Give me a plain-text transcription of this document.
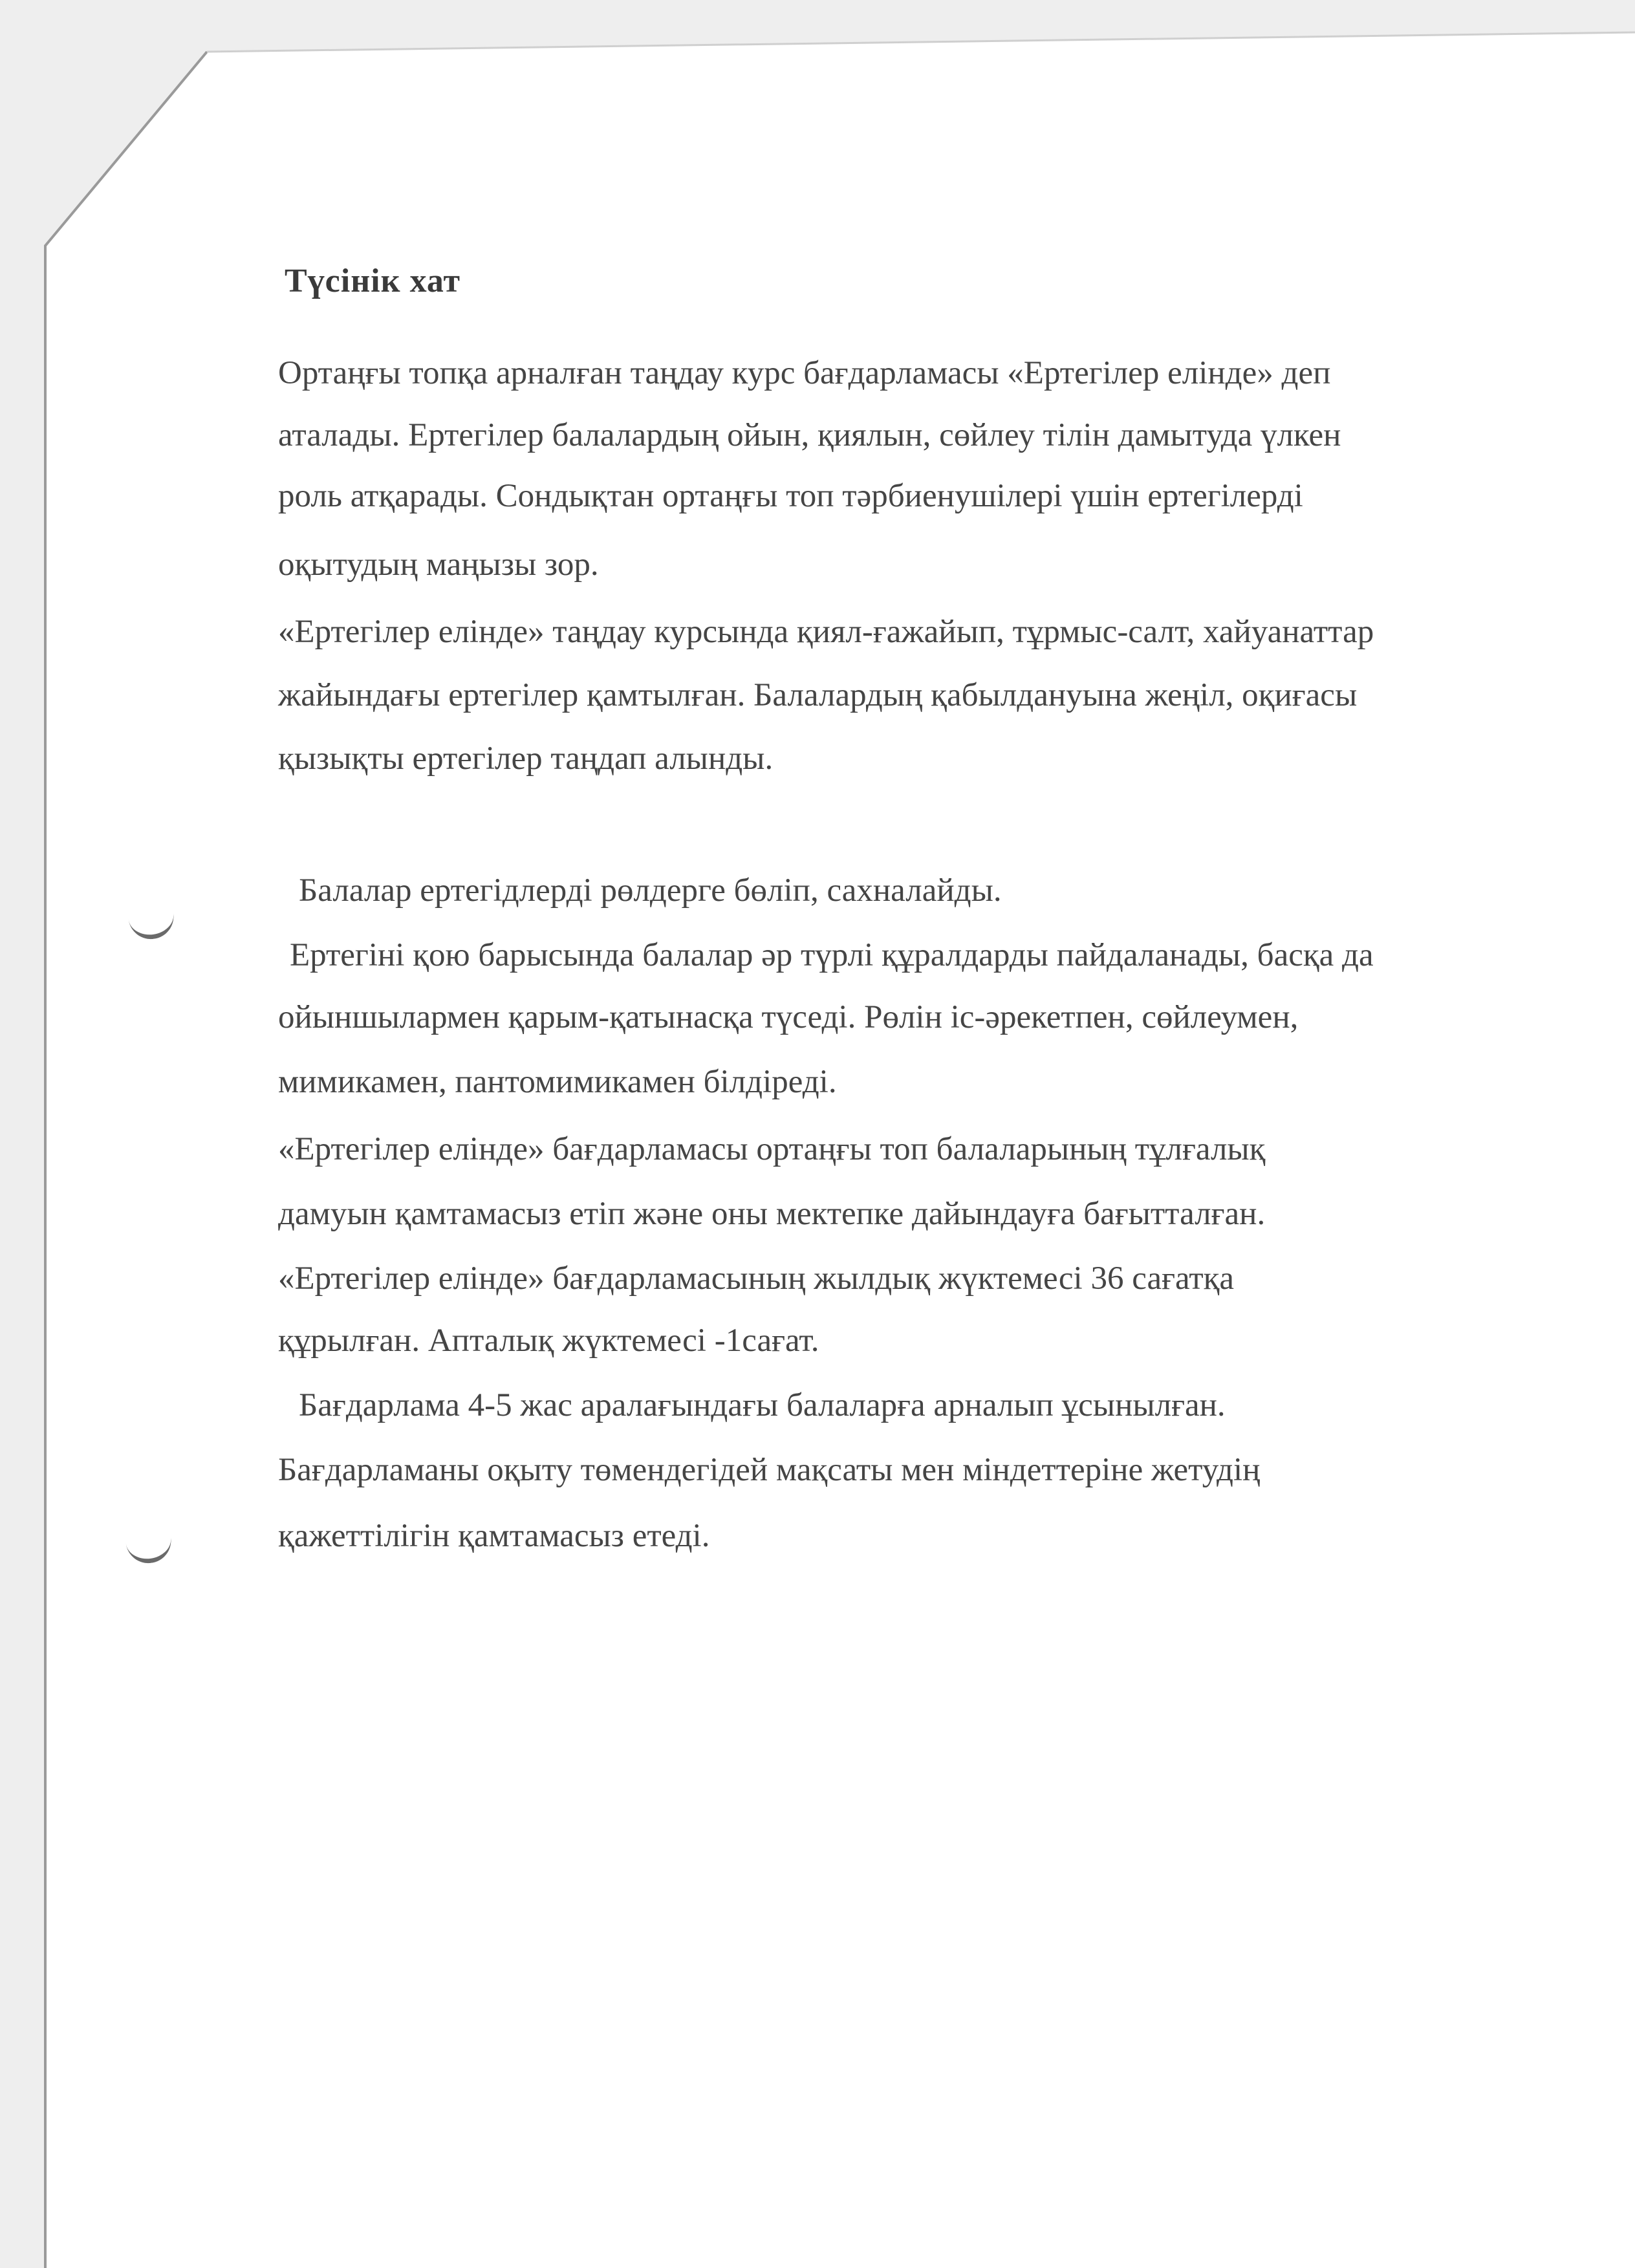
Түсінік хат
Ортаңғы топқа арналған таңдау курс бағдарламасы «Ертегілер елінде» деп
аталады. Ертегілер балалардың ойын, қиялын, сөйлеу тілін дамытуда үлкен
роль атқарады. Сондықтан ортаңғы топ тәрбиенушілері үшін ертегілерді
оқытудың маңызы зор.
«Ертегілер елінде» таңдау курсында қиял-ғажайып, тұрмыс-салт, хайуанаттар
жайындағы ертегілер қамтылған. Балалардың қабылдануына жеңіл, оқиғасы
қызықты ертегілер таңдап алынды.
Балалар ертегідлерді рөлдерге бөліп, сахналайды.
Ертегіні қою барысында балалар әр түрлі құралдарды пайдаланады, басқа да
ойыншылармен қарым-қатынасқа түседі. Рөлін іс-әрекетпен, сөйлеумен,
мимикамен, пантомимикамен білдіреді.
«Ертегілер елінде» бағдарламасы ортаңғы топ балаларының тұлғалық
дамуын қамтамасыз етіп және оны мектепке дайындауға бағытталған.
«Ертегілер елінде» бағдарламасының жылдық жүктемесі 36 сағатқа
құрылған. Апталық жүктемесі -1сағат.
Бағдарлама 4-5 жас аралағындағы балаларға арналып ұсынылған.
Бағдарламаны оқыту төмендегідей мақсаты мен міндеттеріне жетудің
қажеттілігін қамтамасыз етеді.
